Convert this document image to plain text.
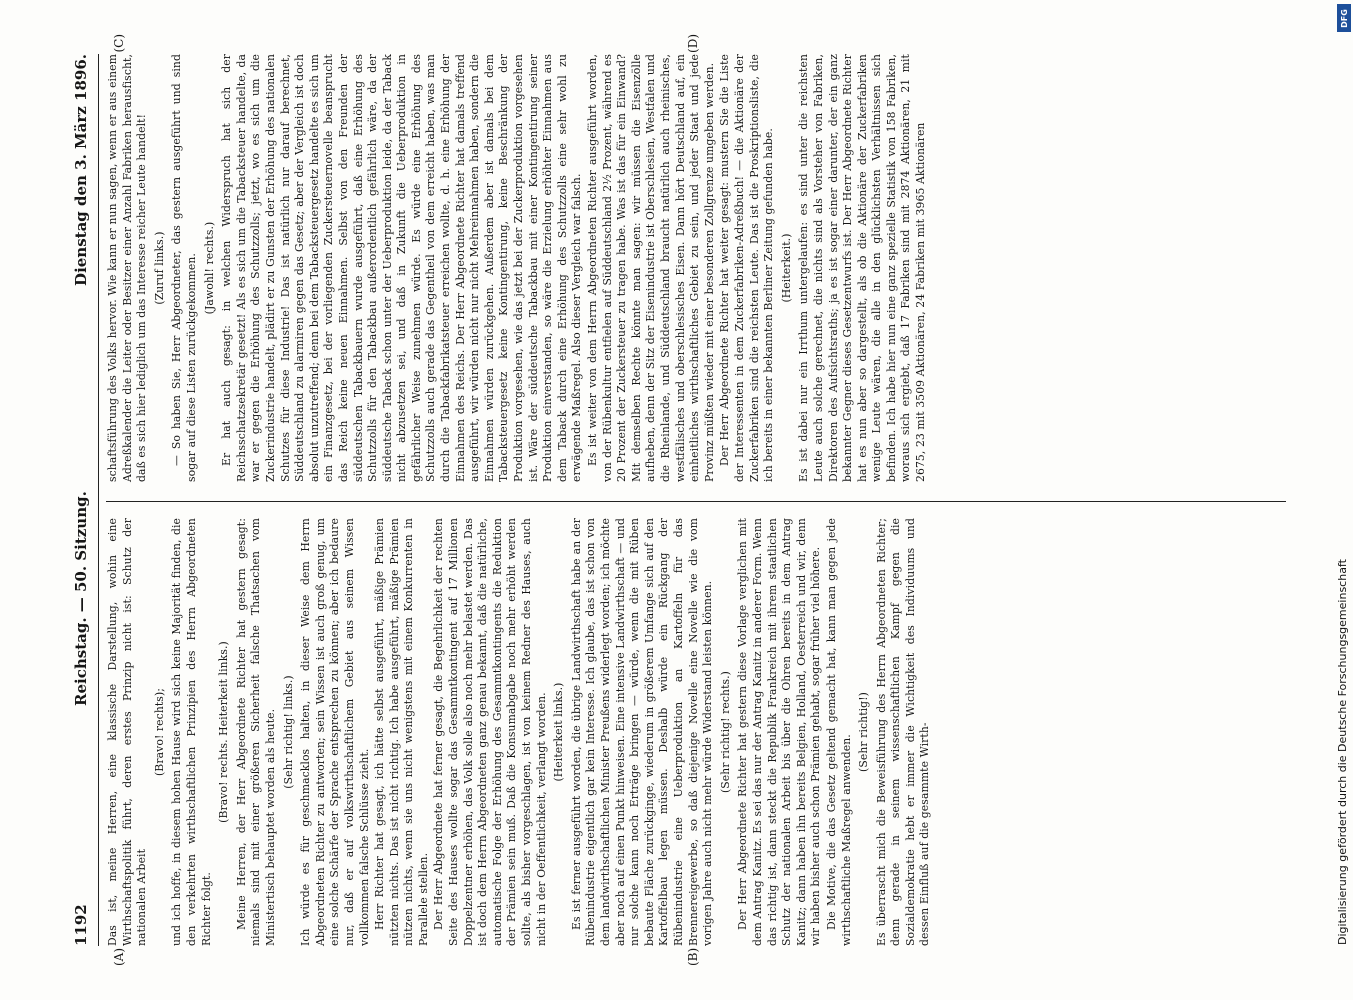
1192
Reichstag. — 50. Sitzung.
Dienstag den 3. März 1896.
(A)	(B)
(C)	(D)

Das ist, meine Herren, eine klassische Darstellung, wohin eine Wirthschaftspolitik führt, deren erstes Prinzip nicht ist: Schutz der nationalen Arbeit

(Bravo! rechts); und ich hoffe, in diesem hohen Hause wird sich keine Majorität finden, die den verkehrten wirthschaftlichen Prinzipien des Herrn Abgeordneten Richter folgt.

(Bravo! rechts. Heiterkeit links.) Meine Herren, der Herr Abgeordnete Richter hat gestern gesagt: niemals sind mit einer größeren Sicherheit falsche Thatsachen vom Ministertisch behauptet worden als heute. (Sehr richtig! links.) Ich würde es für geschmacklos halten, in dieser Weise dem Herrn Abgeordneten Richter zu antworten; sein Wissen ist auch groß genug, um eine solche Schärfe der Sprache entsprechen zu können; aber ich bedaure nur, daß er auf volkswirthschaftlichem Gebiet aus seinem Wissen vollkommen falsche Schlüsse zieht. Herr Richter hat gesagt, ich hätte selbst ausgeführt, mäßige Prämien nützten nichts. Das ist nicht richtig. Ich habe ausgeführt, mäßige Prämien nützen nichts, wenn sie uns nicht wenigstens mit einem Konkurrenten in Parallele stellen. Der Herr Abgeordnete hat ferner gesagt, die Begehrlichkeit der rechten Seite des Hauses wollte sogar das Gesammtkontingent auf 17 Millionen Doppelzentner erhöhen, das Volk solle also noch mehr belastet werden. Das ist doch dem Herrn Abgeordneten ganz genau bekannt, daß die natürliche, automatische Folge der Erhöhung des Gesammtkontingents die Reduktion der Prämien sein muß. Daß die Konsumabgabe noch mehr erhöht werden sollte, als bisher vorgeschlagen, ist von keinem Redner des Hauses, auch nicht in der Oeffentlichkeit, verlangt worden. (Heiterkeit links.) Es ist ferner ausgeführt worden, die übrige Landwirthschaft habe an der Rübenindustrie eigentlich gar kein Interesse. Ich glaube, das ist schon von dem landwirthschaftlichen Minister Preußens widerlegt worden; ich möchte aber noch auf einen Punkt hinweisen. Eine intensive Landwirthschaft — und nur solche kann noch Erträge bringen — würde, wenn die mit Rüben bebaute Fläche zurückginge, wiederum in größerem Umfange sich auf den Kartoffelbau legen müssen. Deshalb würde ein Rückgang der Rübenindustrie eine Ueberproduktion an Kartoffeln für das Brennereigewerbe, so daß diejenige Novelle eine Novelle wie die vom vorigen Jahre auch nicht mehr würde Widerstand leisten können. (Sehr richtig! rechts.) Der Herr Abgeordnete Richter hat gestern diese Vorlage verglichen mit dem Antrag Kanitz. Es sei das nur der Antrag Kanitz in anderer Form. Wenn das richtig ist, dann steckt die Republik Frankreich mit ihrem staatlichen Schutz der nationalen Arbeit bis über die Ohren bereits in dem Antrag Kanitz; dann haben ihn bereits Belgien, Holland, Oesterreich und wir, denn wir haben bisher auch schon Prämien gehabt, sogar früher viel höhere. Die Motive, die das Gesetz geltend gemacht hat, kann man gegen jede wirthschaftliche Maßregel anwenden.

(Sehr richtig!) Es überrascht mich die Beweisführung des Herrn Abgeordneten Richter; denn gerade in seinem wissenschaftlichen Kampf gegen die Sozialdemokratie hebt er immer die Wichtigkeit des Individuums und dessen Einfluß auf die gesammte Wirth-

schaftsführung des Volks hervor. Wie kann er nun sagen, wenn er aus einem Adreßkalender die Leiter oder Besitzer einer Anzahl Fabriken herausfischt, daß es sich hier lediglich um das Interesse reicher Leute handelt! (Zuruf links.) — So haben Sie, Herr Abgeordneter, das gestern ausgeführt und sind sogar auf diese Listen zurückgekommen. (Jawohl! rechts.) Er hat auch gesagt: in welchen Widerspruch hat sich der Reichsschatzsekretär gesetzt! Als es sich um die Tabacksteuer handelte, da war er gegen die Erhöhung des Schutzzolls; jetzt, wo es sich um die Zuckerindustrie handelt, plädirt er zu Gunsten der Erhöhung des nationalen Schutzes für diese Industrie! Das ist natürlich nur darauf berechnet, Süddeutschland zu alarmiren gegen das Gesetz; aber der Vergleich ist doch absolut unzutreffend; denn bei dem Tabacksteuergesetz handelte es sich um ein Finanzgesetz, bei der vorliegenden Zuckersteuernovelle beansprucht das Reich keine neuen Einnahmen. Selbst von den Freunden der süddeutschen Tabackbauern wurde ausgeführt, daß eine Erhöhung des Schutzzolls für den Tabackbau außerordentlich gefährlich wäre, da der süddeutsche Taback schon unter der Ueberproduktion leide, da der Taback nicht abzusetzen sei, und daß in Zukunft die Ueberproduktion in gefährlicher Weise zunehmen würde. Es würde eine Erhöhung des Schutzzolls auch gerade das Gegentheil von dem erreicht haben, was man durch die Tabackfabrikatsteuer erreichen wollte, d. h. eine Erhöhung der Einnahmen des Reichs. Der Herr Abgeordnete Richter hat damals treffend ausgeführt, wir würden nicht nur nicht Mehreinnahmen haben, sondern die Einnahmen würden zurückgehen. Außerdem aber ist damals bei dem Tabacksteuergesetz keine Kontingentirung, keine Beschränkung der Produktion vorgesehen, wie das jetzt bei der Zuckerproduktion vorgesehen ist. Wäre der süddeutsche Tabackbau mit einer Kontingentirung seiner Produktion einverstanden, so wäre die Erzielung erhöhter Einnahmen aus dem Taback durch eine Erhöhung des Schutzzolls eine sehr wohl zu erwägende Maßregel. Also dieser Vergleich war falsch. Es ist weiter von dem Herrn Abgeordneten Richter ausgeführt worden, von der Rübenkultur entfielen auf Süddeutschland 2¹⁄₂ Prozent, während es 20 Prozent der Zuckersteuer zu tragen habe. Was ist das für ein Einwand? Mit demselben Rechte könnte man sagen: wir müssen die Eisenzölle aufheben, denn der Sitz der Eisenindustrie ist Oberschlesien, Westfalen und die Rheinlande, und Süddeutschland braucht natürlich auch rheinisches, westfälisches und oberschlesisches Eisen. Dann hört Deutschland auf, ein einheitliches wirthschaftliches Gebiet zu sein, und jeder Staat und jede Provinz müßten wieder mit einer besonderen Zollgrenze umgeben werden. Der Herr Abgeordnete Richter hat weiter gesagt: mustern Sie die Liste der Interessenten in dem Zuckerfabriken-Adreßbuch! — die Aktionäre der Zuckerfabriken sind die reichsten Leute. Das ist die Proskriptionsliste, die ich bereits in einer bekannten Berliner Zeitung gefunden habe. (Heiterkeit.) Es ist dabei nur ein Irrthum untergelaufen: es sind unter die reichsten Leute auch solche gerechnet, die nichts sind als Vorsteher von Fabriken, Direktoren des Aufsichtsraths; ja es ist sogar einer darunter, der ein ganz bekannter Gegner dieses Gesetzentwurfs ist. Der Herr Abgeordnete Richter hat es nun aber so dargestellt, als ob die Aktionäre der Zuckerfabriken wenige Leute wären, die alle in den glücklichsten Verhältnissen sich befinden. Ich habe hier nun eine ganz spezielle Statistik von 158 Fabriken, woraus sich ergiebt, daß 17 Fabriken sind mit 2874 Aktionären, 21 mit 2675, 23 mit 3509 Aktionären, 24 Fabriken mit 3965 Aktionären

DFG
Digitalisierung gefördert durch die Deutsche Forschungsgemeinschaft
